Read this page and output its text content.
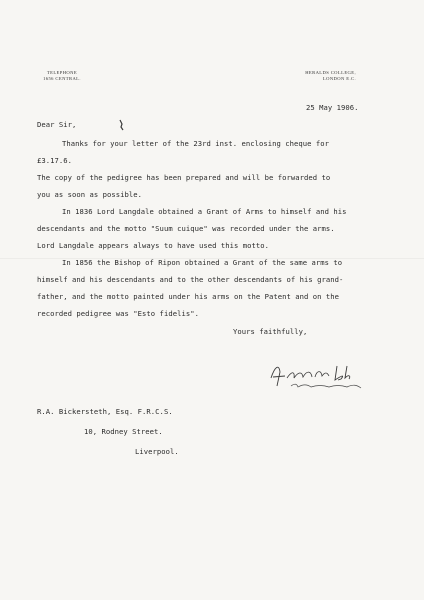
TELEPHONE
1656 CENTRAL.
HERALDS COLLEGE,
LONDON E.C.
25 May 1906.
Dear Sir,
Thanks for your letter of the 23rd inst. enclosing cheque for
£3.17.6.
The copy of the pedigree has been prepared and will be forwarded to
you as soon as possible.
In 1836 Lord Langdale obtained a Grant of Arms to himself and his
descendants and the motto "Suum cuique" was recorded under the arms.
Lord Langdale appears always to have used this motto.
In 1856 the Bishop of Ripon obtained a Grant of the same arms to
himself and his descendants and to the other descendants of his grand-
father, and the motto painted under his arms on the Patent and on the
recorded pedigree was "Esto fidelis".
Yours faithfully,
R.A. Bickersteth, Esq. F.R.C.S.
10, Rodney Street.
Liverpool.
